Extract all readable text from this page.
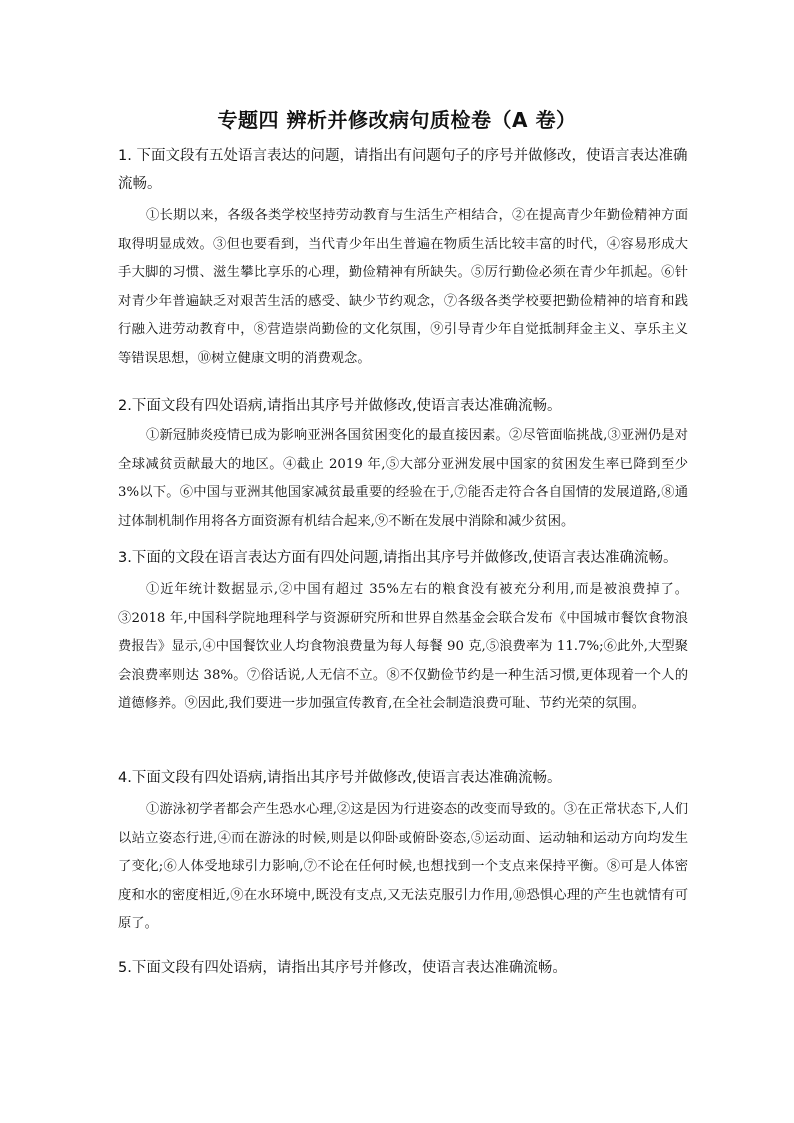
专题四 辨析并修改病句质检卷（A 卷）
1. 下面文段有五处语言表达的问题，请指出有问题句子的序号并做修改，使语言表达准确流畅。
①长期以来，各级各类学校坚持劳动教育与生活生产相结合，②在提高青少年勤俭精神方面取得明显成效。③但也要看到，当代青少年出生普遍在物质生活比较丰富的时代，④容易形成大手大脚的习惯、滋生攀比享乐的心理，勤俭精神有所缺失。⑤厉行勤俭必须在青少年抓起。⑥针对青少年普遍缺乏对艰苦生活的感受、缺少节约观念，⑦各级各类学校要把勤俭精神的培育和践行融入进劳动教育中，⑧营造崇尚勤俭的文化氛围，⑨引导青少年自觉抵制拜金主义、享乐主义等错误思想，⑩树立健康文明的消费观念。
2.下面文段有四处语病,请指出其序号并做修改,使语言表达准确流畅。
①新冠肺炎疫情已成为影响亚洲各国贫困变化的最直接因素。②尽管面临挑战,③亚洲仍是对全球减贫贡献最大的地区。④截止 2019 年,⑤大部分亚洲发展中国家的贫困发生率已降到至少 3%以下。⑥中国与亚洲其他国家减贫最重要的经验在于,⑦能否走符合各自国情的发展道路,⑧通过体制机制作用将各方面资源有机结合起来,⑨不断在发展中消除和减少贫困。
3.下面的文段在语言表达方面有四处问题,请指出其序号并做修改,使语言表达准确流畅。
①近年统计数据显示,②中国有超过 35%左右的粮食没有被充分利用,而是被浪费掉了。③2018 年,中国科学院地理科学与资源研究所和世界自然基金会联合发布《中国城市餐饮食物浪费报告》显示,④中国餐饮业人均食物浪费量为每人每餐 90 克,⑤浪费率为 11.7%;⑥此外,大型聚会浪费率则达 38%。⑦俗话说,人无信不立。⑧不仅勤俭节约是一种生活习惯,更体现着一个人的道德修养。⑨因此,我们要进一步加强宣传教育,在全社会制造浪费可耻、节约光荣的氛围。
4.下面文段有四处语病,请指出其序号并做修改,使语言表达准确流畅。
①游泳初学者都会产生恐水心理,②这是因为行进姿态的改变而导致的。③在正常状态下,人们以站立姿态行进,④而在游泳的时候,则是以仰卧或俯卧姿态,⑤运动面、运动轴和运动方向均发生了变化;⑥人体受地球引力影响,⑦不论在任何时候,也想找到一个支点来保持平衡。⑧可是人体密度和水的密度相近,⑨在水环境中,既没有支点,又无法克服引力作用,⑩恐惧心理的产生也就情有可原了。
5.下面文段有四处语病，请指出其序号并修改，使语言表达准确流畅。
